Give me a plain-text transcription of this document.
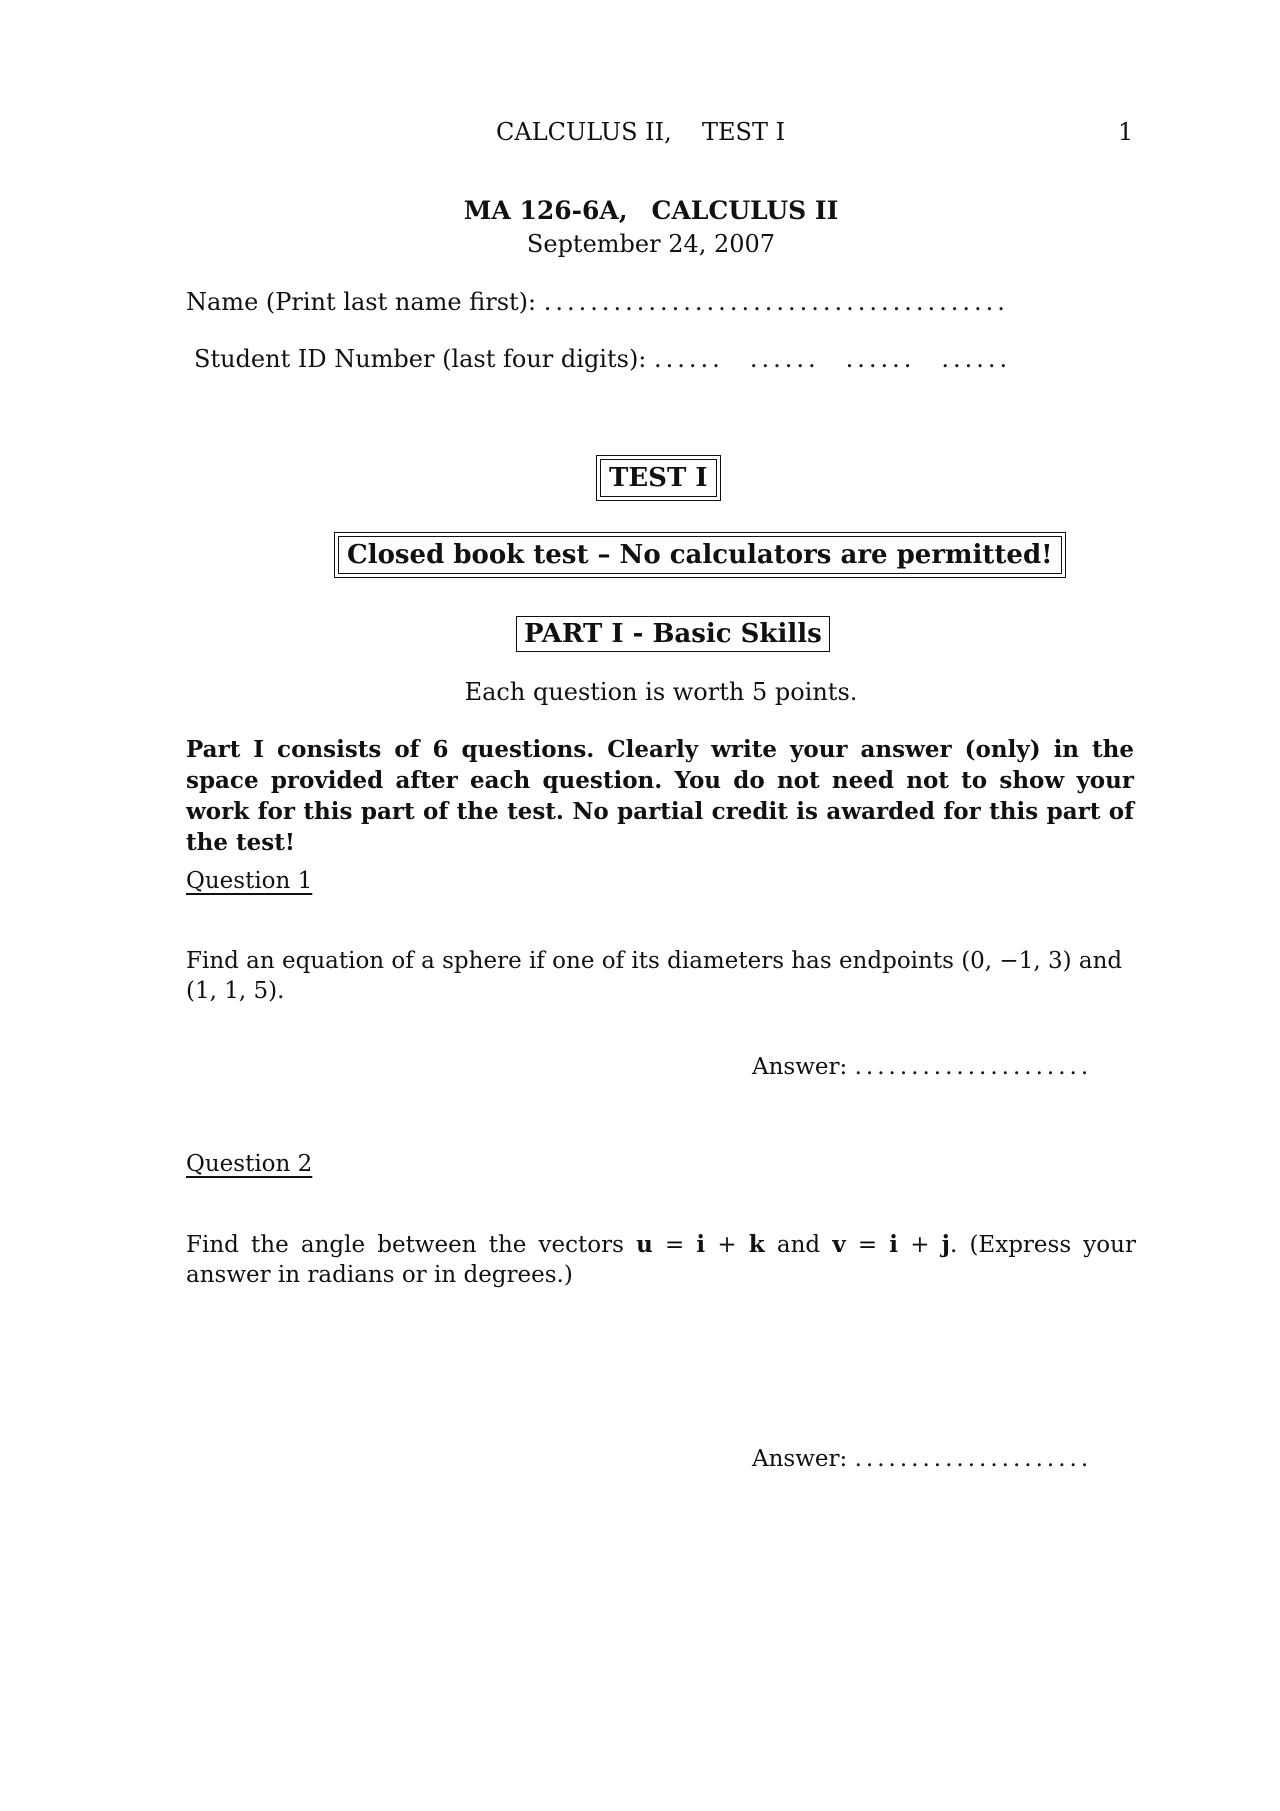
CALCULUS II, TEST I	1
MA 126-6A, CALCULUS II
September 24, 2007
Name (Print last name first): ........................................
Student ID Number (last four digits): ...... ...... ...... ......
TEST I
Closed book test – No calculators are permitted!
PART I - Basic Skills
Each question is worth 5 points.
Part I consists of 6 questions. Clearly write your answer (only) in the space provided after each question. You do not need not to show your work for this part of the test. No partial credit is awarded for this part of the test!
Question 1
Find an equation of a sphere if one of its diameters has endpoints (0, −1, 3) and (1, 1, 5).
Answer: .....................
Question 2
Find the angle between the vectors u = i + k and v = i + j. (Express your answer in radians or in degrees.)
Answer: .....................
